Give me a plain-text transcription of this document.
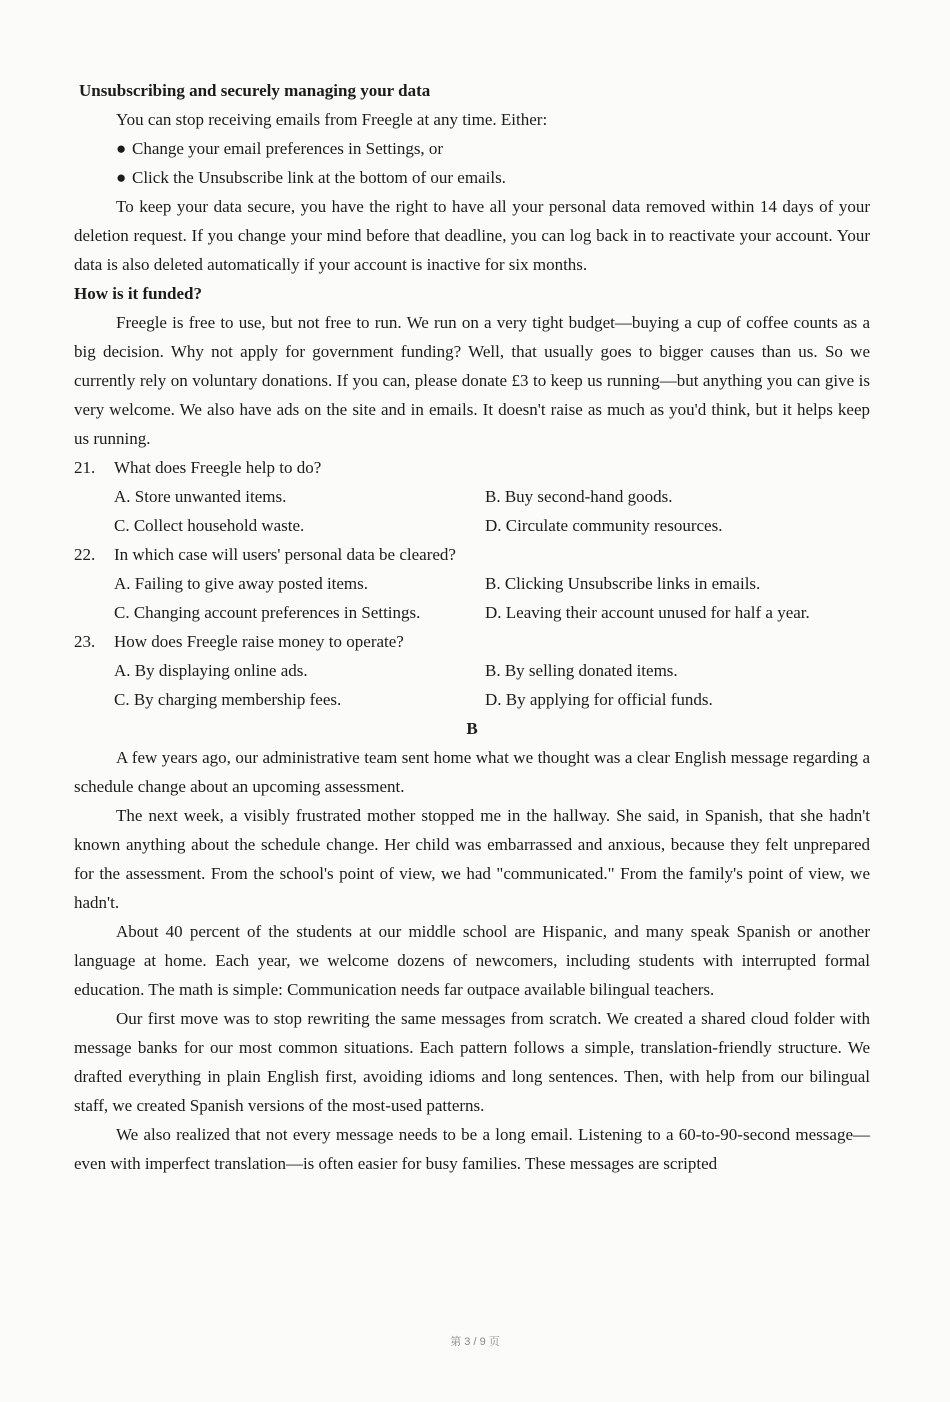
Unsubscribing and securely managing your data

You can stop receiving emails from Freegle at any time. Either:

● Change your email preferences in Settings, or
● Click the Unsubscribe link at the bottom of our emails.

To keep your data secure, you have the right to have all your personal data removed within 14 days of your deletion request. If you change your mind before that deadline, you can log back in to reactivate your account. Your data is also deleted automatically if your account is inactive for six months.

How is it funded?

Freegle is free to use, but not free to run. We run on a very tight budget—buying a cup of coffee counts as a big decision. Why not apply for government funding? Well, that usually goes to bigger causes than us. So we currently rely on voluntary donations. If you can, please donate £3 to keep us running—but anything you can give is very welcome. We also have ads on the site and in emails. It doesn't raise as much as you'd think, but it helps keep us running.

21.	What does Freegle help to do?
A. Store unwanted items.	B. Buy second-hand goods.
C. Collect household waste.	D. Circulate community resources.
22.	In which case will users' personal data be cleared?
A. Failing to give away posted items.	B. Clicking Unsubscribe links in emails.
C. Changing account preferences in Settings.	D. Leaving their account unused for half a year.
23.	How does Freegle raise money to operate?
A. By displaying online ads.	B. By selling donated items.
C. By charging membership fees.	D. By applying for official funds.
B

A few years ago, our administrative team sent home what we thought was a clear English message regarding a schedule change about an upcoming assessment.

The next week, a visibly frustrated mother stopped me in the hallway. She said, in Spanish, that she hadn't known anything about the schedule change. Her child was embarrassed and anxious, because they felt unprepared for the assessment. From the school's point of view, we had "communicated." From the family's point of view, we hadn't.

About 40 percent of the students at our middle school are Hispanic, and many speak Spanish or another language at home. Each year, we welcome dozens of newcomers, including students with interrupted formal education. The math is simple: Communication needs far outpace available bilingual teachers.

Our first move was to stop rewriting the same messages from scratch. We created a shared cloud folder with message banks for our most common situations. Each pattern follows a simple, translation-friendly structure. We drafted everything in plain English first, avoiding idioms and long sentences. Then, with help from our bilingual staff, we created Spanish versions of the most-used patterns.

We also realized that not every message needs to be a long email. Listening to a 60-to-90-second message—even with imperfect translation—is often easier for busy families. These messages are scripted

第 3 / 9 页
